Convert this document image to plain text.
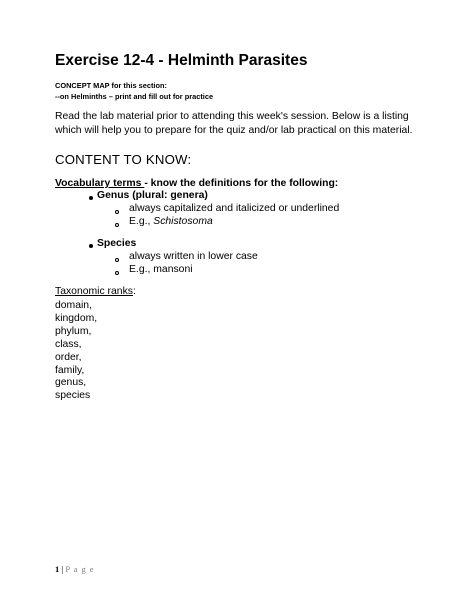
Exercise 12-4 - Helminth Parasites
CONCEPT MAP for this section:
--on Helminths – print and fill out for practice
Read the lab material prior to attending this week's session. Below is a listing
which will help you to prepare for the quiz and/or lab practical on this material.
CONTENT TO KNOW:
Vocabulary terms - know the definitions for the following:
Genus (plural: genera)
always capitalized and italicized or underlined
E.g., Schistosoma
Species
always written in lower case
E.g., mansoni
Taxonomic ranks:
domain,
kingdom,
phylum,
class,
order,
family,
genus,
species
1 | P a g e
